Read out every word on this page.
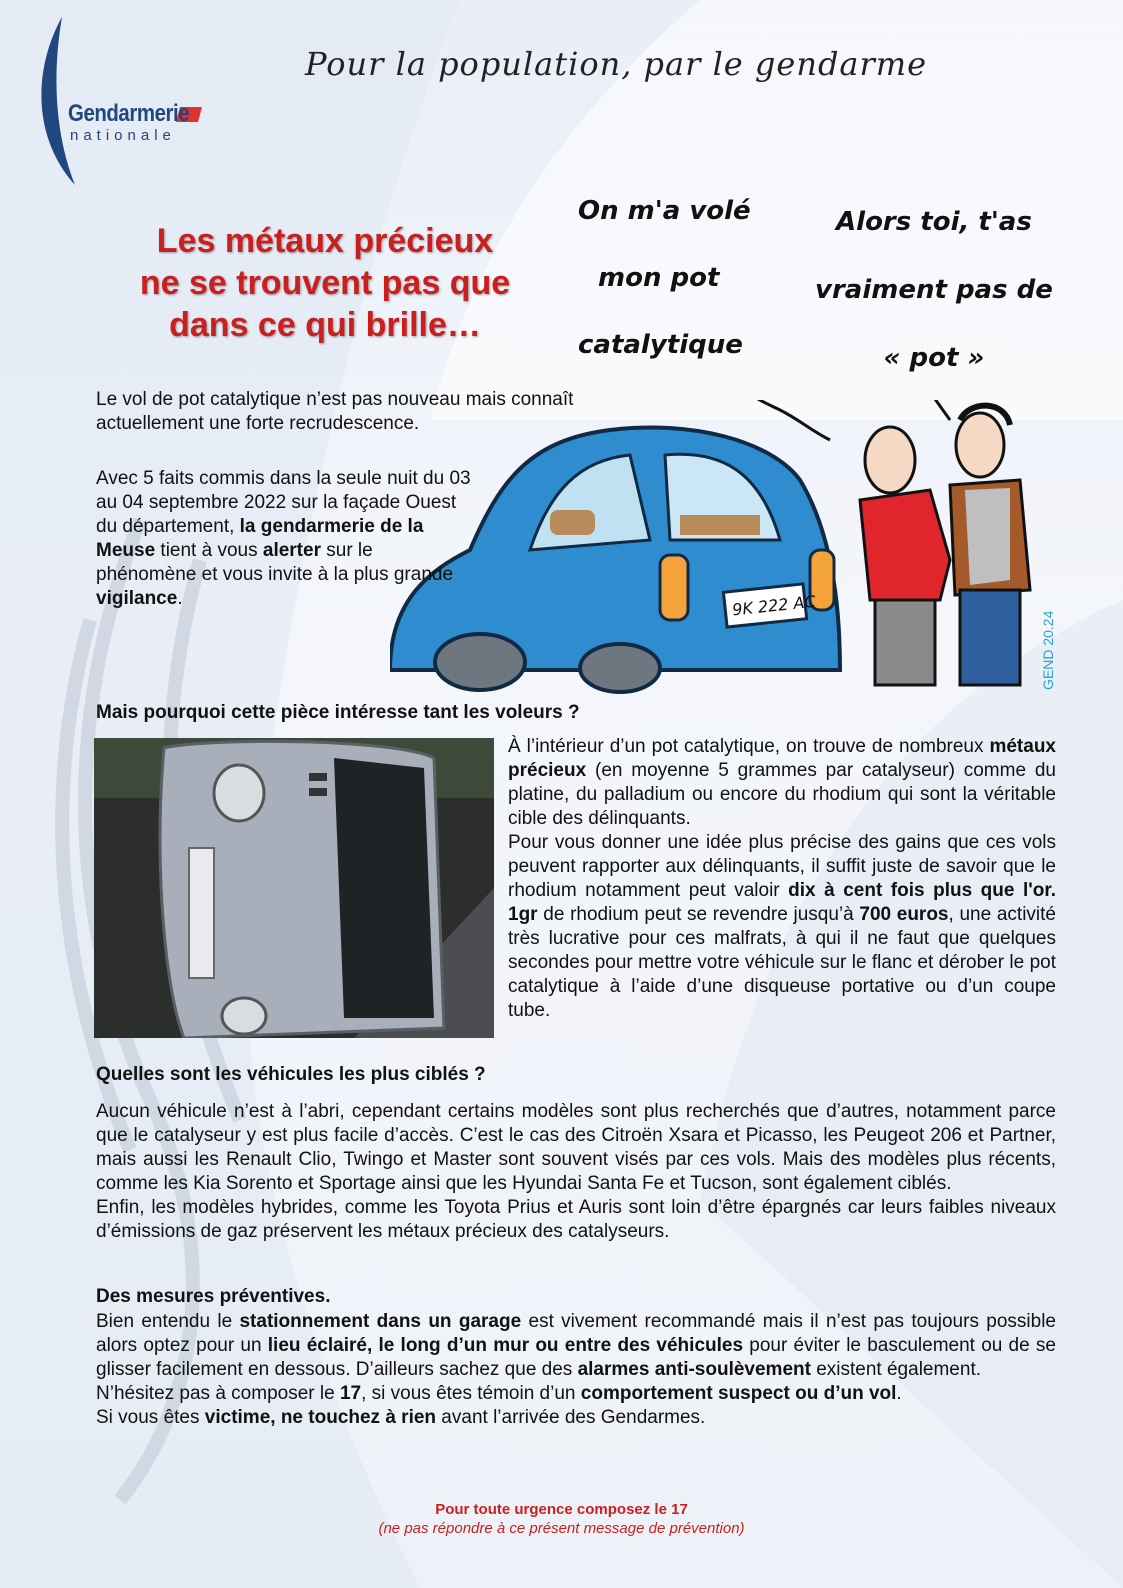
Gendarmerie
nationale
Pour la population, par le gendarme
Les métaux précieux
ne se trouvent pas que
dans ce qui brille…
On m'a volé
mon pot
catalytique
Alors toi, t'as
vraiment pas de
« pot »
9K 222 AC
GEND 20.24
Le vol de pot catalytique n’est pas nouveau mais connaît actuellement une forte recrudescence.
Avec 5 faits commis dans la seule nuit du 03 au 04 septembre 2022 sur la façade Ouest du département, la gendarmerie de la Meuse tient à vous alerter sur le phénomène et vous invite à la plus grande vigilance.
Mais pourquoi cette pièce intéresse tant les voleurs ?
À l’intérieur d’un pot catalytique, on trouve de nombreux métaux précieux (en moyenne 5 grammes par catalyseur) comme du platine, du palladium ou encore du rhodium qui sont la véritable cible des délinquants.
Pour vous donner une idée plus précise des gains que ces vols peuvent rapporter aux délinquants, il suffit juste de savoir que le rhodium notamment peut valoir dix à cent fois plus que l'or. 1gr de rhodium peut se revendre jusqu’à 700 euros, une activité très lucrative pour ces malfrats, à qui il ne faut que quelques secondes pour mettre votre véhicule sur le flanc et dérober le pot catalytique à l’aide d’une disqueuse portative ou d’un coupe tube.
Quelles sont les véhicules les plus ciblés ?
Aucun véhicule n’est à l’abri, cependant certains modèles sont plus recherchés que d’autres, notamment parce que le catalyseur y est plus facile d’accès. C’est le cas des Citroën Xsara et Picasso, les Peugeot 206 et Partner, mais aussi les Renault Clio, Twingo et Master sont souvent visés par ces vols. Mais des modèles plus récents, comme les Kia Sorento et Sportage ainsi que les Hyundai Santa Fe et Tucson, sont également ciblés.
Enfin, les modèles hybrides, comme les Toyota Prius et Auris sont loin d’être épargnés car leurs faibles niveaux d’émissions de gaz préservent les métaux précieux des catalyseurs.
Des mesures préventives.
Bien entendu le stationnement dans un garage est vivement recommandé mais il n’est pas toujours possible alors optez pour un lieu éclairé, le long d’un mur ou entre des véhicules pour éviter le basculement ou de se glisser facilement en dessous. D’ailleurs sachez que des alarmes anti-soulèvement existent également.
N’hésitez pas à composer le 17, si vous êtes témoin d’un comportement suspect ou d’un vol.
Si vous êtes victime, ne touchez à rien avant l’arrivée des Gendarmes.
Pour toute urgence composez le 17
(ne pas répondre à ce présent message de prévention)
